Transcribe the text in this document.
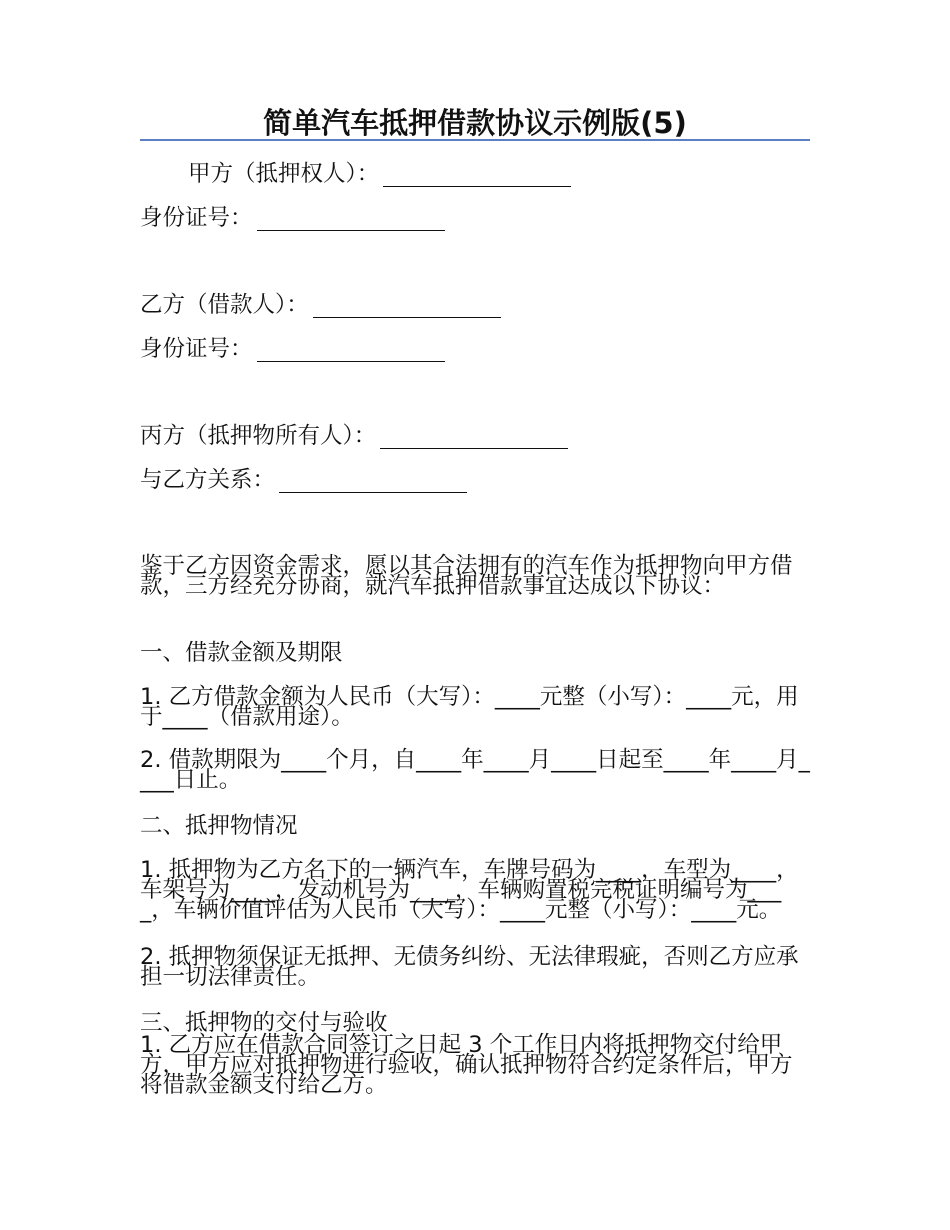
简单汽车抵押借款协议示例版(5)
甲方（抵押权人）：
身份证号：
乙方（借款人）：
身份证号：
丙方（抵押物所有人）：
与乙方关系：
鉴于乙方因资金需求，愿以其合法拥有的汽车作为抵押物向甲方借款，三方经充分协商，就汽车抵押借款事宜达成以下协议：
一、借款金额及期限
1. 乙方借款金额为人民币（大写）：____元整（小写）：____元，用于____（借款用途）。
2. 借款期限为____个月，自____年____月____日起至____年____月____日止。
二、抵押物情况
1. 抵押物为乙方名下的一辆汽车，车牌号码为____，车型为____，车架号为____，发动机号为____，车辆购置税完税证明编号为____，车辆价值评估为人民币（大写）：____元整（小写）：____元。
2. 抵押物须保证无抵押、无债务纠纷、无法律瑕疵，否则乙方应承担一切法律责任。
三、抵押物的交付与验收
1. 乙方应在借款合同签订之日起 3 个工作日内将抵押物交付给甲方，甲方应对抵押物进行验收，确认抵押物符合约定条件后，甲方将借款金额支付给乙方。
